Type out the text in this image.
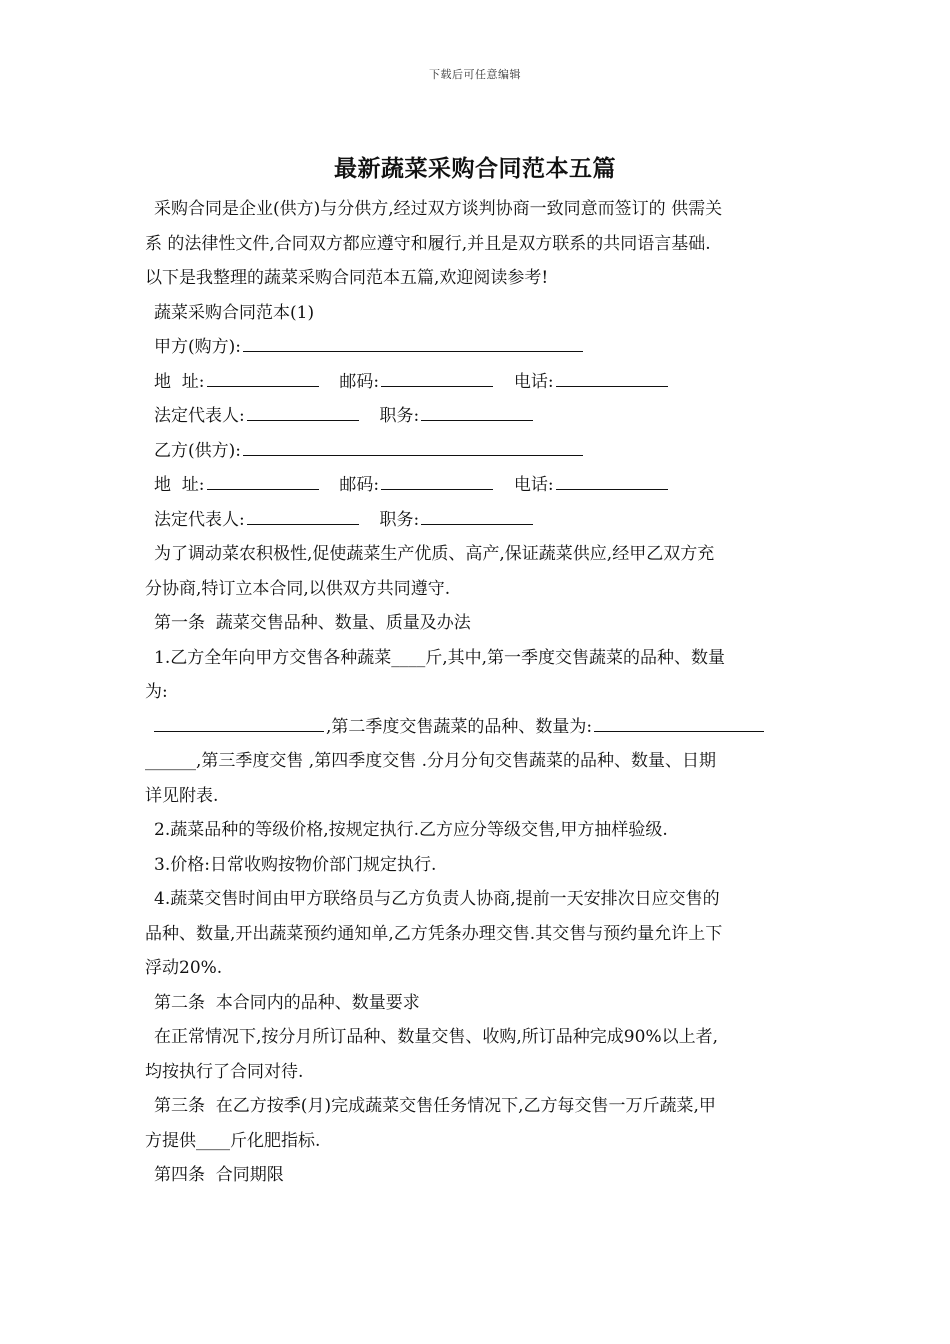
下载后可任意编辑
最新蔬菜采购合同范本五篇

采购合同是企业(供方)与分供方,经过双方谈判协商一致同意而签订的 供需关

系 的法律性文件,合同双方都应遵守和履行,并且是双方联系的共同语言基础.

以下是我整理的蔬菜采购合同范本五篇,欢迎阅读参考!

蔬菜采购合同范本(1)

甲方(购方):

地  址:	邮码:	电话:

法定代表人:	职务:

乙方(供方):

地  址:	邮码:	电话:

法定代表人:	职务:

为了调动菜农积极性,促使蔬菜生产优质、高产,保证蔬菜供应,经甲乙双方充

分协商,特订立本合同,以供双方共同遵守.

第一条  蔬菜交售品种、数量、质量及办法

1.乙方全年向甲方交售各种蔬菜____斤,其中,第一季度交售蔬菜的品种、数量

为:

,第二季度交售蔬菜的品种、数量为:

______,第三季度交售 ,第四季度交售 .分月分旬交售蔬菜的品种、数量、日期

详见附表.

2.蔬菜品种的等级价格,按规定执行.乙方应分等级交售,甲方抽样验级.

3.价格:日常收购按物价部门规定执行.

4.蔬菜交售时间由甲方联络员与乙方负责人协商,提前一天安排次日应交售的

品种、数量,开出蔬菜预约通知单,乙方凭条办理交售.其交售与预约量允许上下

浮动20%.

第二条  本合同内的品种、数量要求

在正常情况下,按分月所订品种、数量交售、收购,所订品种完成90%以上者,

均按执行了合同对待.

第三条  在乙方按季(月)完成蔬菜交售任务情况下,乙方每交售一万斤蔬菜,甲

方提供____斤化肥指标.

第四条  合同期限
